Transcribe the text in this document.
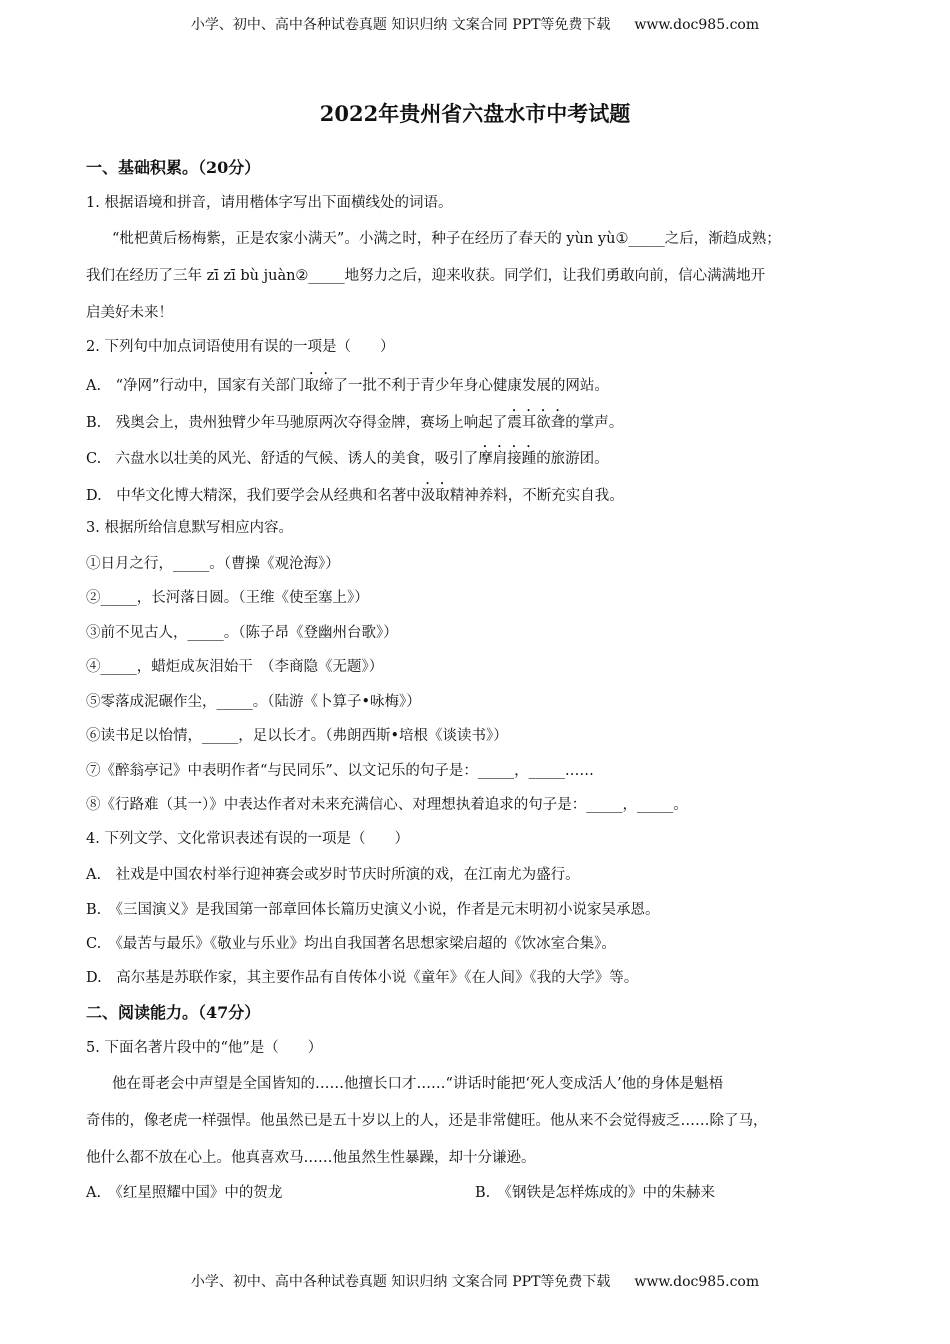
小学、初中、高中各种试卷真题 知识归纳 文案合同 PPT等免费下载 www.doc985.com
2022年贵州省六盘水市中考试题
一、基础积累。（20分）
1. 根据语境和拼音，请用楷体字写出下面横线处的词语。
“枇杷黄后杨梅紫，正是农家小满天”。小满之时，种子在经历了春天的 yùn yù①_____之后，渐趋成熟；
我们在经历了三年 zī zī bù juàn②_____地努力之后，迎来收获。同学们，让我们勇敢向前，信心满满地开
启美好未来！
2. 下列句中加点词语使用有误的一项是（　　）
A.　“净网”行动中，国家有关部门取缔了一批不利于青少年身心健康发展的网站。
B.　残奥会上，贵州独臂少年马驰原两次夺得金牌，赛场上响起了震耳欲聋的掌声。
C.　六盘水以壮美的风光、舒适的气候、诱人的美食，吸引了摩肩接踵的旅游团。
D.　中华文化博大精深，我们要学会从经典和名著中汲取精神养料，不断充实自我。
3. 根据所给信息默写相应内容。
①日月之行，_____。（曹操《观沧海》）
②_____，长河落日圆。（王维《使至塞上》）
③前不见古人，_____。（陈子昂《登幽州台歌》）
④_____，蜡炬成灰泪始干　（李商隐《无题》）
⑤零落成泥碾作尘，_____。（陆游《卜算子•咏梅》）
⑥读书足以怡情，_____，足以长才。（弗朗西斯•培根《谈读书》）
⑦《醉翁亭记》中表明作者“与民同乐”、以文记乐的句子是：_____，_____……
⑧《行路难（其一）》中表达作者对未来充满信心、对理想执着追求的句子是：_____，_____。
4. 下列文学、文化常识表述有误的一项是（　　）
A.　社戏是中国农村举行迎神赛会或岁时节庆时所演的戏，在江南尤为盛行。
B.　《三国演义》是我国第一部章回体长篇历史演义小说，作者是元末明初小说家吴承恩。
C.　《最苦与最乐》《敬业与乐业》均出自我国著名思想家梁启超的《饮冰室合集》。
D.　高尔基是苏联作家，其主要作品有自传体小说《童年》《在人间》《我的大学》等。
二、阅读能力。（47分）
5. 下面名著片段中的“他”是（　　）
他在哥老会中声望是全国皆知的……他擅长口才……“讲话时能把‘死人变成活人’他的身体是魁梧
奇伟的，像老虎一样强悍。他虽然已是五十岁以上的人，还是非常健旺。他从来不会觉得疲乏……除了马，
他什么都不放在心上。他真喜欢马……他虽然生性暴躁，却十分谦逊。
A.　《红星照耀中国》中的贺龙	B.　《钢铁是怎样炼成的》中的朱赫来
小学、初中、高中各种试卷真题 知识归纳 文案合同 PPT等免费下载 www.doc985.com
